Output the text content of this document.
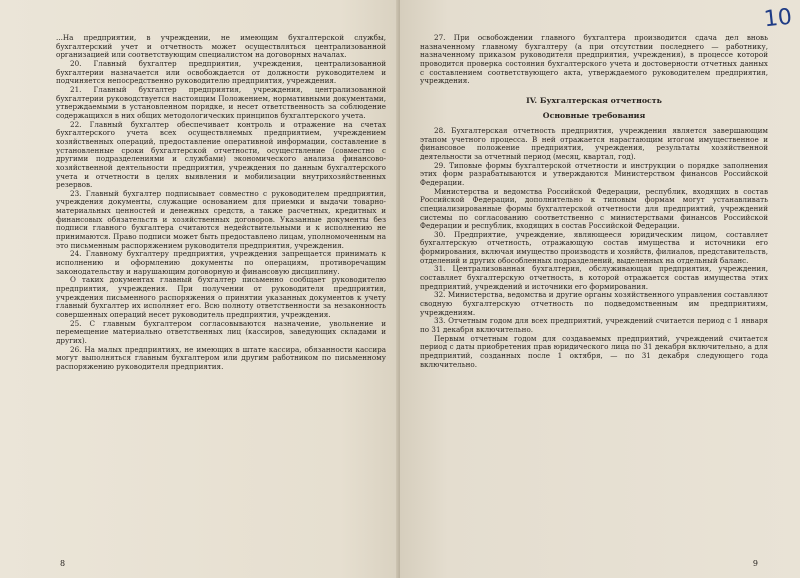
...На предприятии, в учреждении, не имеющим бухгалтерской службы, бухгалтерский учет и отчетность может осуществляться централизованной организацией или соответствующим специалистом на договорных началах.

20. Главный бухгалтер предприятия, учреждения, централизованной бухгалтерии назначается или освобождается от должности руководителем и подчиняется непосредственно руководителю предприятия, учреждения.

21. Главный бухгалтер предприятия, учреждения, централизованной бухгалтерии руководствуется настоящим Положением, нормативными документами, утверждаемыми в установленном порядке, и несет ответственность за соблюдение содержащихся в них общих методологических принципов бухгалтерского учета.

22. Главный бухгалтер обеспечивает контроль и отражение на счетах бухгалтерского учета всех осуществляемых предприятием, учреждением хозяйственных операций, предоставление оперативной информации, составление в установленные сроки бухгалтерской отчетности, осуществление (совместно с другими подразделениями и службами) экономического анализа финансово-хозяйственной деятельности предприятия, учреждения по данным бухгалтерского учета и отчетности в целях выявления и мобилизации внутрихозяйственных резервов.

23. Главный бухгалтер подписывает совместно с руководителем предприятия, учреждения документы, служащие основанием для приемки и выдачи товарно-материальных ценностей и денежных средств, а также расчетных, кредитных и финансовых обязательств и хозяйственных договоров. Указанные документы без подписи главного бухгалтера считаются недействительными и к исполнению не принимаются. Право подписи может быть предоставлено лицам, уполномоченным на это письменным распоряжением руководителя предприятия, учреждения.

24. Главному бухгалтеру предприятия, учреждения запрещается принимать к исполнению и оформлению документы по операциям, противоречащим законодательству и нарушающим договорную и финансовую дисциплину.

О таких документах главный бухгалтер письменно сообщает руководителю предприятия, учреждения. При получении от руководителя предприятия, учреждения письменного распоряжения о принятии указанных документов к учету главный бухгалтер их исполняет его. Всю полноту ответственности за незаконность совершенных операций несет руководитель предприятия, учреждения.

25. С главным бухгалтером согласовываются назначение, увольнение и перемещение материально ответственных лиц (кассиров, заведующих складами и других).

26. На малых предприятиях, не имеющих в штате кассира, обязанности кассира могут выполняться главным бухгалтером или другим работником по письменному распоряжению руководителя предприятия.

8
10

27. При освобождении главного бухгалтера производится сдача дел вновь назначенному главному бухгалтеру (а при отсутствии последнего — работнику, назначенному приказом руководителя предприятия, учреждения), в процессе которой проводится проверка состояния бухгалтерского учета и достоверности отчетных данных с составлением соответствующего акта, утверждаемого руководителем предприятия, учреждения.

IV. Бухгалтерская отчетность
Основные требования

28. Бухгалтерская отчетность предприятия, учреждения является завершающим этапом учетного процесса. В ней отражается нарастающим итогом имущественное и финансовое положение предприятия, учреждения, результаты хозяйственной деятельности за отчетный период (месяц, квартал, год).

29. Типовые формы бухгалтерской отчетности и инструкции о порядке заполнения этих форм разрабатываются и утверждаются Министерством финансов Российской Федерации.

Министерства и ведомства Российской Федерации, республик, входящих в состав Российской Федерации, дополнительно к типовым формам могут устанавливать специализированные формы бухгалтерской отчетности для предприятий, учреждений системы по согласованию соответственно с министерствами финансов Российской Федерации и республик, входящих в состав Российской Федерации.

30. Предприятие, учреждение, являющееся юридическим лицом, составляет бухгалтерскую отчетность, отражающую состав имущества и источники его формирования, включая имущество производств и хозяйств, филиалов, представительств, отделений и других обособленных подразделений, выделенных на отдельный баланс.

31. Централизованная бухгалтерия, обслуживающая предприятия, учреждения, составляет бухгалтерскую отчетность, в которой отражается состав имущества этих предприятий, учреждений и источники его формирования.

32. Министерства, ведомства и другие органы хозяйственного управления составляют сводную бухгалтерскую отчетность по подведомственным им предприятиям, учреждениям.

33. Отчетным годом для всех предприятий, учреждений считается период с 1 января по 31 декабря включительно.

Первым отчетным годом для создаваемых предприятий, учреждений считается период с даты приобретения прав юридического лица по 31 декабря включительно, а для предприятий, созданных после 1 октября, — по 31 декабря следующего года включительно.

9
